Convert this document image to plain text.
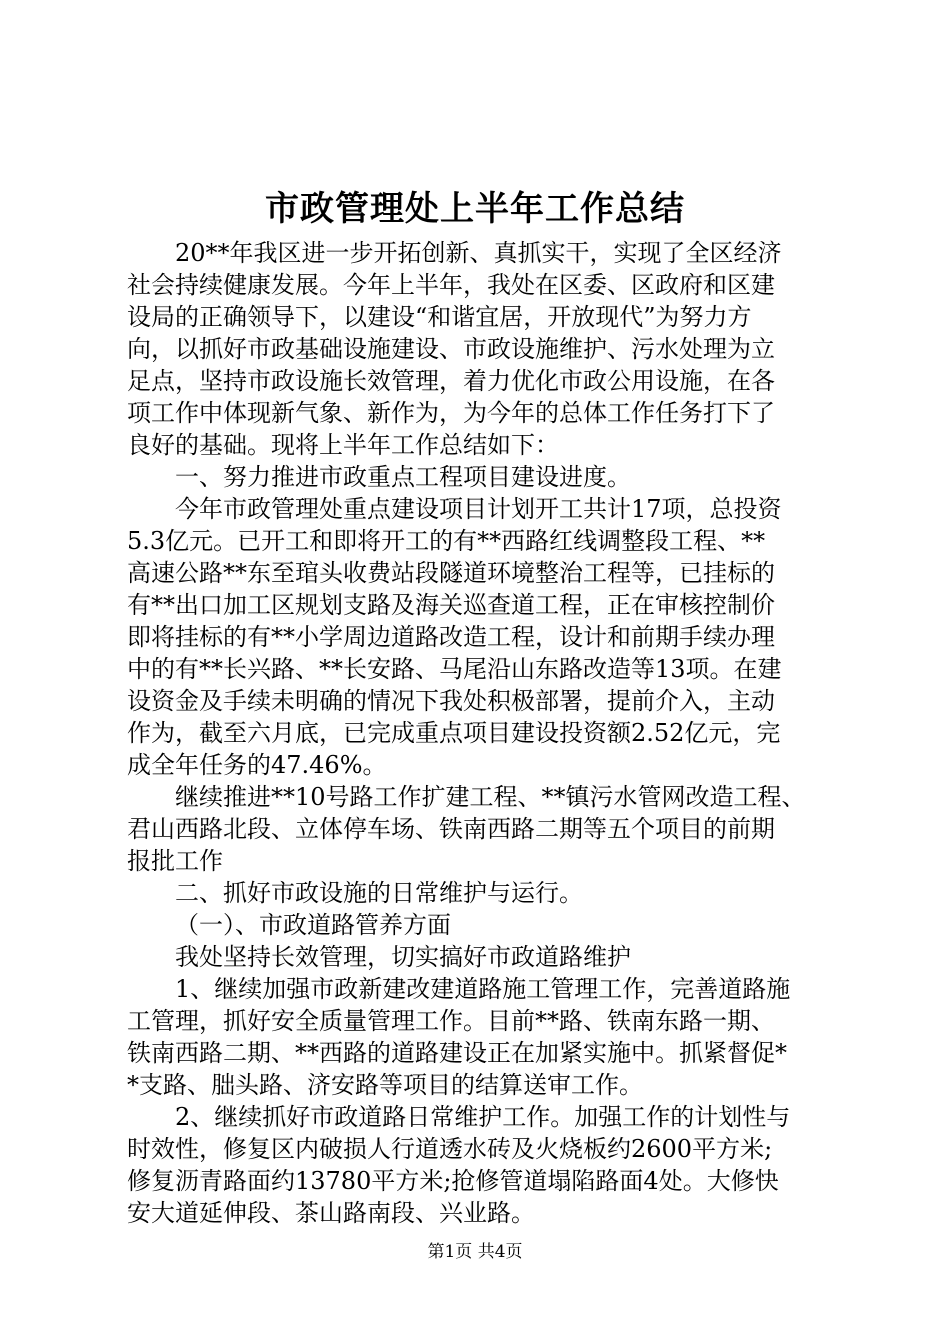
市政管理处上半年工作总结
20**年我区进一步开拓创新、真抓实干，实现了全区经济
社会持续健康发展。今年上半年，我处在区委、区政府和区建
设局的正确领导下，以建设“和谐宜居，开放现代”为努力方
向，以抓好市政基础设施建设、市政设施维护、污水处理为立
足点，坚持市政设施长效管理，着力优化市政公用设施，在各
项工作中体现新气象、新作为，为今年的总体工作任务打下了
良好的基础。现将上半年工作总结如下：
一、努力推进市政重点工程项目建设进度。
今年市政管理处重点建设项目计划开工共计17项，总投资
5.3亿元。已开工和即将开工的有**西路红线调整段工程、**
高速公路**东至琯头收费站段隧道环境整治工程等，已挂标的
有**出口加工区规划支路及海关巡查道工程，正在审核控制价
即将挂标的有**小学周边道路改造工程，设计和前期手续办理
中的有**长兴路、**长安路、马尾沿山东路改造等13项。在建
设资金及手续未明确的情况下我处积极部署，提前介入，主动
作为，截至六月底，已完成重点项目建设投资额2.52亿元，完
成全年任务的47.46%。
继续推进**10号路工作扩建工程、**镇污水管网改造工程、
君山西路北段、立体停车场、铁南西路二期等五个项目的前期
报批工作
二、抓好市政设施的日常维护与运行。
（一）、市政道路管养方面
我处坚持长效管理，切实搞好市政道路维护
1、继续加强市政新建改建道路施工管理工作，完善道路施
工管理，抓好安全质量管理工作。目前**路、铁南东路一期、
铁南西路二期、**西路的道路建设正在加紧实施中。抓紧督促*
*支路、朏头路、济安路等项目的结算送审工作。
2、继续抓好市政道路日常维护工作。加强工作的计划性与
时效性，修复区内破损人行道透水砖及火烧板约2600平方米;
修复沥青路面约13780平方米;抢修管道塌陷路面4处。大修快
安大道延伸段、茶山路南段、兴业路。
第1页 共4页
